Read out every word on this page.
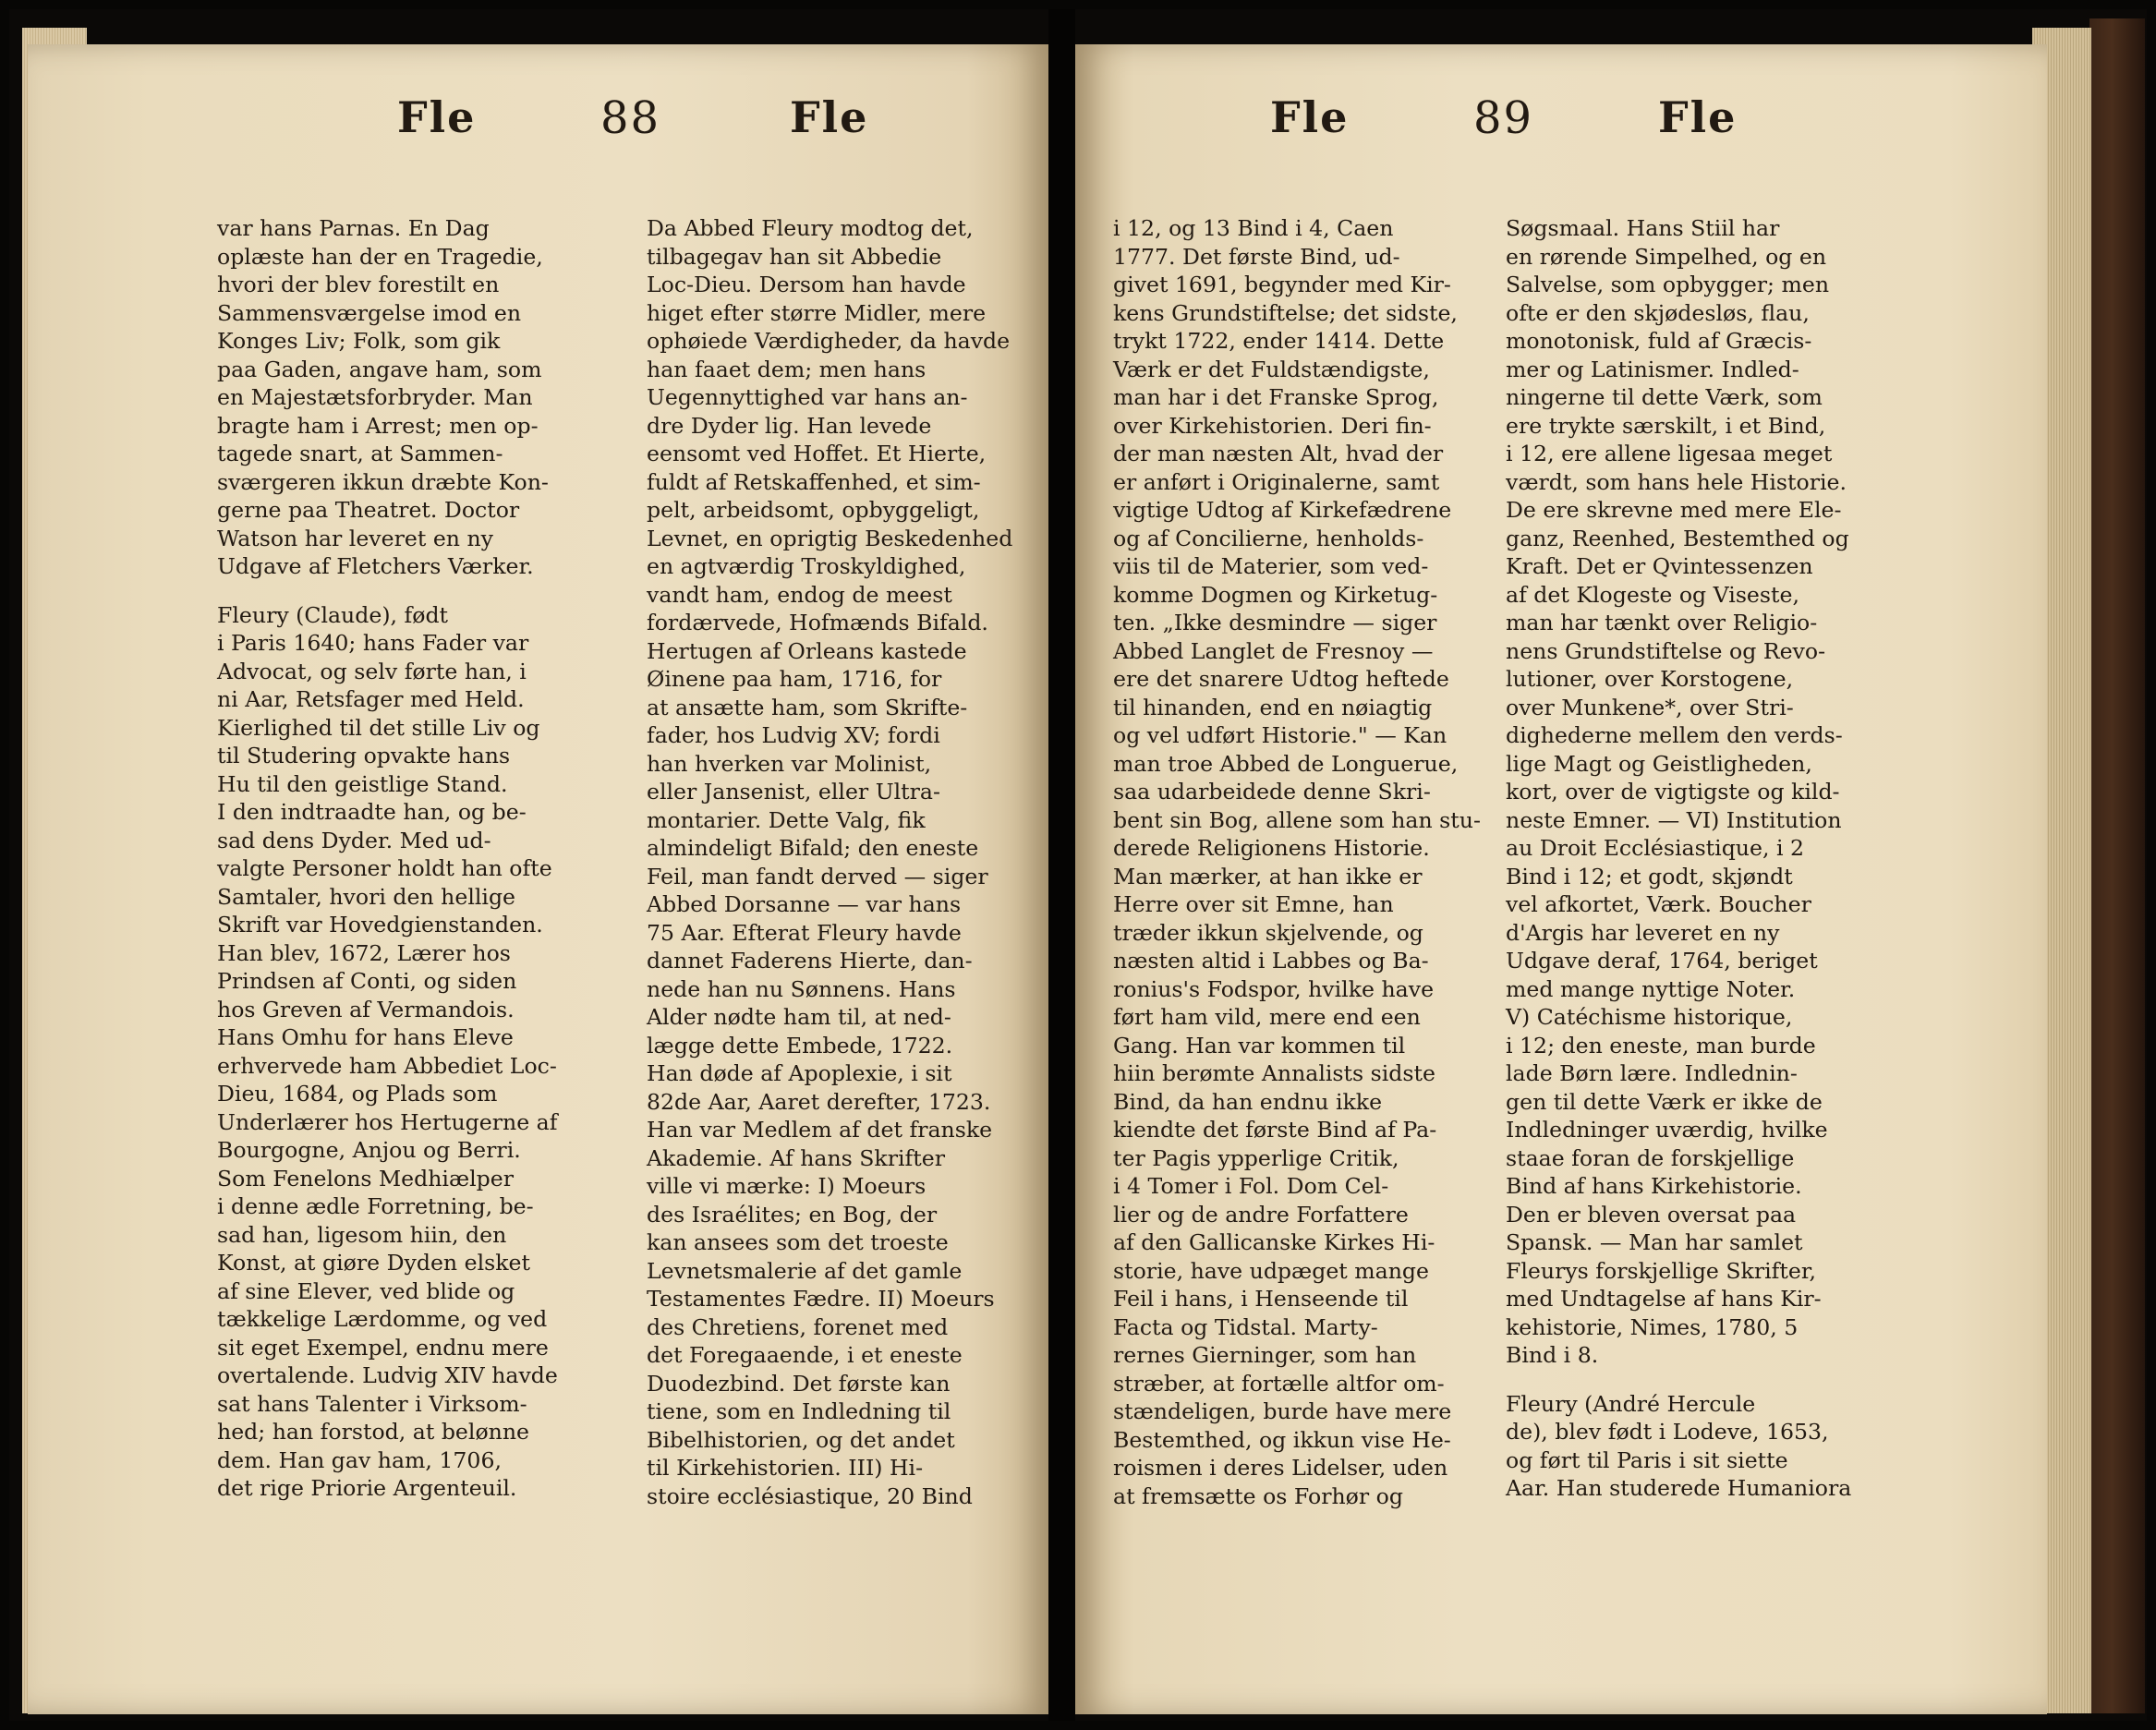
Fle	88	Fle	Fle	89	Fle
var hans Parnas. En Dag
oplæste han der en Tragedie,
hvori der blev forestilt en
Sammensværgelse imod en
Konges Liv; Folk, som gik
paa Gaden, angave ham, som
en Majestætsforbryder. Man
bragte ham i Arrest; men op-
tagede snart, at Sammen-
sværgeren ikkun dræbte Kon-
gerne paa Theatret. Doctor
Watson har leveret en ny
Udgave af Fletchers Værker.
Fleury (Claude), født
i Paris 1640; hans Fader var
Advocat, og selv førte han, i
ni Aar, Retsfager med Held.
Kierlighed til det stille Liv og
til Studering opvakte hans
Hu til den geistlige Stand.
I den indtraadte han, og be-
sad dens Dyder. Med ud-
valgte Personer holdt han ofte
Samtaler, hvori den hellige
Skrift var Hovedgienstanden.
Han blev, 1672, Lærer hos
Prindsen af Conti, og siden
hos Greven af Vermandois.
Hans Omhu for hans Eleve
erhvervede ham Abbediet Loc-
Dieu, 1684, og Plads som
Underlærer hos Hertugerne af
Bourgogne, Anjou og Berri.
Som Fenelons Medhiælper
i denne ædle Forretning, be-
sad han, ligesom hiin, den
Konst, at giøre Dyden elsket
af sine Elever, ved blide og
tækkelige Lærdomme, og ved
sit eget Exempel, endnu mere
overtalende. Ludvig XIV havde
sat hans Talenter i Virksom-
hed; han forstod, at belønne
dem. Han gav ham, 1706,
det rige Priorie Argenteuil.
Da Abbed Fleury modtog det,
tilbagegav han sit Abbedie
Loc-Dieu. Dersom han havde
higet efter større Midler, mere
ophøiede Værdigheder, da havde
han faaet dem; men hans
Uegennyttighed var hans an-
dre Dyder lig. Han levede
eensomt ved Hoffet. Et Hierte,
fuldt af Retskaffenhed, et sim-
pelt, arbeidsomt, opbyggeligt,
Levnet, en oprigtig Beskedenhed
en agtværdig Troskyldighed,
vandt ham, endog de meest
fordærvede, Hofmænds Bifald.
Hertugen af Orleans kastede
Øinene paa ham, 1716, for
at ansætte ham, som Skrifte-
fader, hos Ludvig XV; fordi
han hverken var Molinist,
eller Jansenist, eller Ultra-
montarier. Dette Valg, fik
almindeligt Bifald; den eneste
Feil, man fandt derved — siger
Abbed Dorsanne — var hans
75 Aar. Efterat Fleury havde
dannet Faderens Hierte, dan-
nede han nu Sønnens. Hans
Alder nødte ham til, at ned-
lægge dette Embede, 1722.
Han døde af Apoplexie, i sit
82de Aar, Aaret derefter, 1723.
Han var Medlem af det franske
Akademie. Af hans Skrifter
ville vi mærke: I) Moeurs
des Israélites; en Bog, der
kan ansees som det troeste
Levnetsmalerie af det gamle
Testamentes Fædre. II) Moeurs
des Chretiens, forenet med
det Foregaaende, i et eneste
Duodezbind. Det første kan
tiene, som en Indledning til
Bibelhistorien, og det andet
til Kirkehistorien. III) Hi-
stoire ecclésiastique, 20 Bind
i 12, og 13 Bind i 4, Caen
1777. Det første Bind, ud-
givet 1691, begynder med Kir-
kens Grundstiftelse; det sidste,
trykt 1722, ender 1414. Dette
Værk er det Fuldstændigste,
man har i det Franske Sprog,
over Kirkehistorien. Deri fin-
der man næsten Alt, hvad der
er anført i Originalerne, samt
vigtige Udtog af Kirkefædrene
og af Concilierne, henholds-
viis til de Materier, som ved-
komme Dogmen og Kirketug-
ten. „Ikke desmindre — siger
Abbed Langlet de Fresnoy —
ere det snarere Udtog heftede
til hinanden, end en nøiagtig
og vel udført Historie." — Kan
man troe Abbed de Longuerue,
saa udarbeidede denne Skri-
bent sin Bog, allene som han stu-
derede Religionens Historie.
Man mærker, at han ikke er
Herre over sit Emne, han
træder ikkun skjelvende, og
næsten altid i Labbes og Ba-
ronius's Fodspor, hvilke have
ført ham vild, mere end een
Gang. Han var kommen til
hiin berømte Annalists sidste
Bind, da han endnu ikke
kiendte det første Bind af Pa-
ter Pagis ypperlige Critik,
i 4 Tomer i Fol. Dom Cel-
lier og de andre Forfattere
af den Gallicanske Kirkes Hi-
storie, have udpæget mange
Feil i hans, i Henseende til
Facta og Tidstal. Marty-
rernes Gierninger, som han
stræber, at fortælle altfor om-
stændeligen, burde have mere
Bestemthed, og ikkun vise He-
roismen i deres Lidelser, uden
at fremsætte os Forhør og
Søgsmaal. Hans Stiil har
en rørende Simpelhed, og en
Salvelse, som opbygger; men
ofte er den skjødesløs, flau,
monotonisk, fuld af Græcis-
mer og Latinismer. Indled-
ningerne til dette Værk, som
ere trykte særskilt, i et Bind,
i 12, ere allene ligesaa meget
værdt, som hans hele Historie.
De ere skrevne med mere Ele-
ganz, Reenhed, Bestemthed og
Kraft. Det er Qvintessenzen
af det Klogeste og Viseste,
man har tænkt over Religio-
nens Grundstiftelse og Revo-
lutioner, over Korstogene,
over Munkene*, over Stri-
dighederne mellem den verds-
lige Magt og Geistligheden,
kort, over de vigtigste og kild-
neste Emner. — VI) Institution
au Droit Ecclésiastique, i 2
Bind i 12; et godt, skjøndt
vel afkortet, Værk. Boucher
d'Argis har leveret en ny
Udgave deraf, 1764, beriget
med mange nyttige Noter.
V) Catéchisme historique,
i 12; den eneste, man burde
lade Børn lære. Indlednin-
gen til dette Værk er ikke de
Indledninger uværdig, hvilke
staae foran de forskjellige
Bind af hans Kirkehistorie.
Den er bleven oversat paa
Spansk. — Man har samlet
Fleurys forskjellige Skrifter,
med Undtagelse af hans Kir-
kehistorie, Nimes, 1780, 5
Bind i 8.
Fleury (André Hercule
de), blev født i Lodeve, 1653,
og ført til Paris i sit siette
Aar. Han studerede Humaniora
